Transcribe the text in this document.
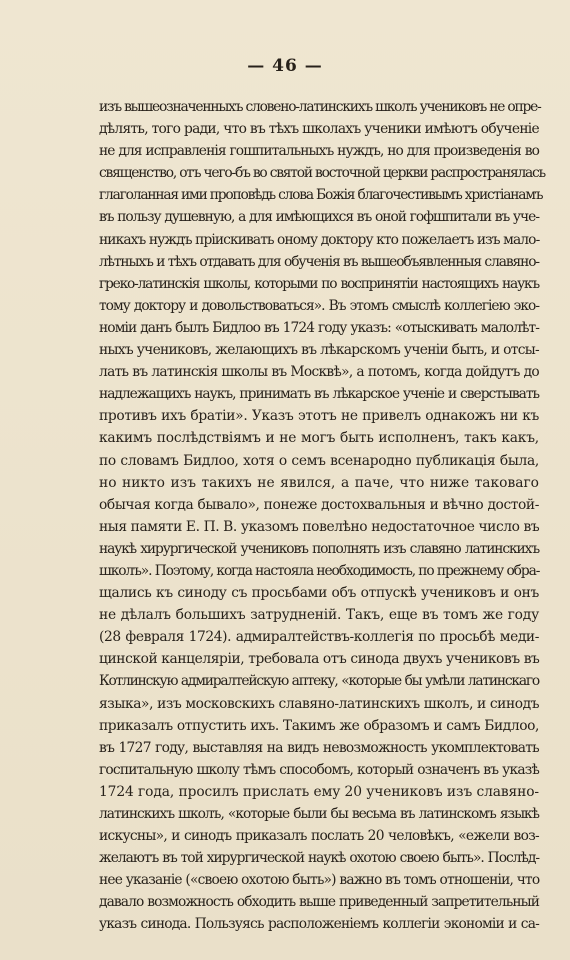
— 46 —
изъ вышеозначенныхъ словено-латинскихъ школъ учениковъ не опре-
дѣлять, того ради, что въ тѣхъ школахъ ученики имѣютъ обученіе
не для исправленія гошпитальныхъ нуждъ, но для произведенія во
священство, отъ чего-бъ во святой восточной церкви распространялась
глаголанная ими проповѣдь слова Божія благочестивымъ христіанамъ
въ пользу душевную, а для имѣющихся въ оной гофшпитали въ уче-
никахъ нуждъ пріискивать оному доктору кто пожелаетъ изъ мало-
лѣтныхъ и тѣхъ отдавать для обученія въ вышеобъявленныя славяно-
греко-латинскія школы, которыми по воспринятіи настоящихъ наукъ
тому доктору и довольствоваться». Въ этомъ смыслѣ коллегіею эко-
номіи данъ былъ Бидлоо въ 1724 году указъ: «отыскивать малолѣт-
ныхъ учениковъ, желающихъ въ лѣкарскомъ ученіи быть, и отсы-
лать въ латинскія школы въ Москвѣ», а потомъ, когда дойдутъ до
надлежащихъ наукъ, принимать въ лѣкарское ученіе и сверстывать
противъ ихъ братіи». Указъ этотъ не привелъ однакожъ ни къ
какимъ послѣдствіямъ и не могъ быть исполненъ, такъ какъ,
по словамъ Бидлоо, хотя о семъ всенародно публикація была,
но никто изъ такихъ не явился, а паче, что ниже таковаго
обычая когда бывало», понеже достохвальныя и вѣчно достой-
ныя памяти Е. П. В. указомъ повелѣно недостаточное число въ
наукѣ хирургической учениковъ пополнять изъ славяно латинскихъ
школъ». Поэтому, когда настояла необходимость, по прежнему обра-
щались къ синоду съ просьбами объ отпускѣ учениковъ и онъ
не дѣлалъ большихъ затрудненій. Такъ, еще въ томъ же году
(28 февраля 1724). адмиралтействъ-коллегія по просьбѣ меди-
цинской канцеляріи, требовала отъ синода двухъ учениковъ въ
Котлинскую адмиралтейскую аптеку, «которые бы умѣли латинскаго
языка», изъ московскихъ славяно-латинскихъ школъ, и синодъ
приказалъ отпустить ихъ. Такимъ же образомъ и самъ Бидлоо,
въ 1727 году, выставляя на видъ невозможность укомплектовать
госпитальную школу тѣмъ способомъ, который означенъ въ указѣ
1724 года, просилъ прислать ему 20 учениковъ изъ славяно-
латинскихъ школъ, «которые были бы весьма въ латинскомъ языкѣ
искусны», и синодъ приказалъ послать 20 человѣкъ, «ежели воз-
желаютъ въ той хирургической наукѣ охотою своею быть». Послѣд-
нее указаніе («своею охотою быть») важно въ томъ отношеніи, что
давало возможность обходить выше приведенный запретительный
указъ синода. Пользуясь расположеніемъ коллегіи экономіи и са-
